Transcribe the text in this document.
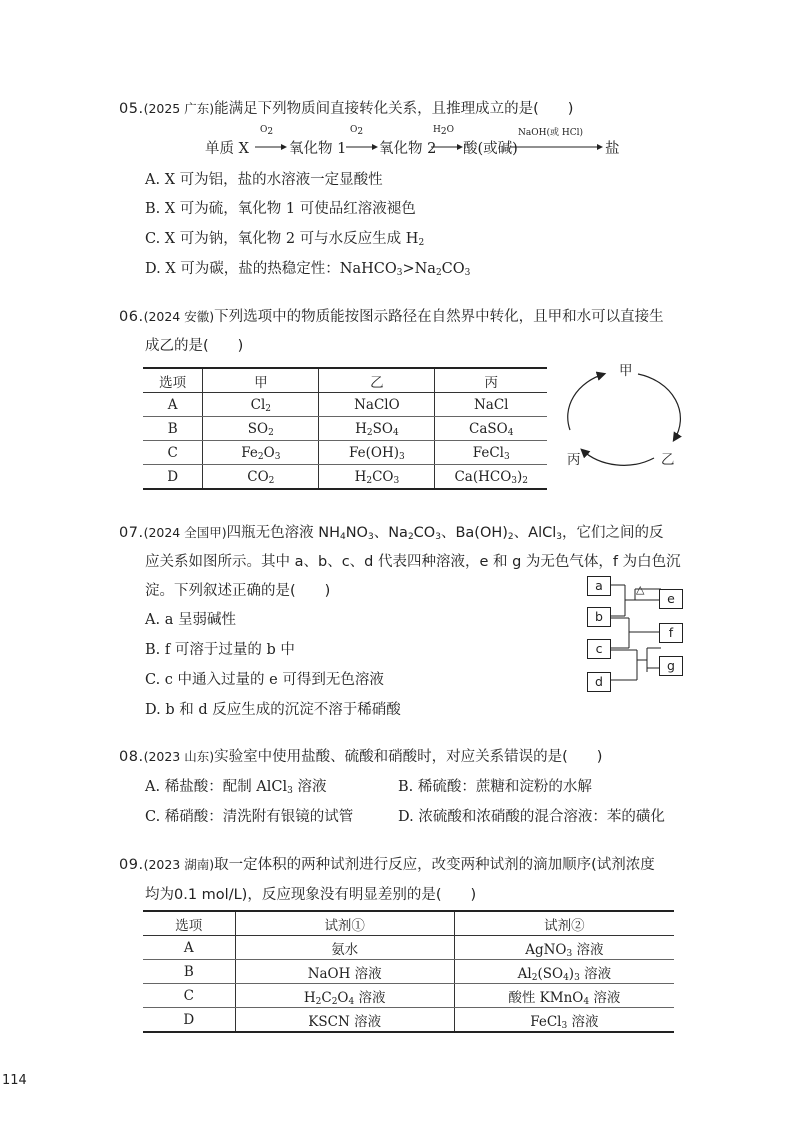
05.(2025 广东)能满足下列物质间直接转化关系，且推理成立的是(　　)
单质 X
$O_2$
氧化物 1
$O_2$
氧化物 2
$H_2O$
酸(或碱)
NaOH(或 HCl)
盐
A. X 可为铝，盐的水溶液一定显酸性
B. X 可为硫，氧化物 1 可使品红溶液褪色
C. X 可为钠，氧化物 2 可与水反应生成 $H_2$
D. X 可为碳，盐的热稳定性：$NaHCO_3>Na_2CO_3$
06.(2024 安徽)下列选项中的物质能按图示路径在自然界中转化，且甲和水可以直接生
成乙的是(　　)
选项	甲	乙	丙
A	$Cl_2$	NaClO	NaCl
B	$SO_2$	$H_2SO_4$	CaSO$_4$
C	$Fe_2O_3$	$Fe(OH)_3$	FeCl$_3$
D	$CO_2$	$H_2CO_3$	$Ca(HCO_3)_2$
甲
乙
丙
07.(2024 全国甲)四瓶无色溶液 $NH_4NO_3$、$Na_2CO_3$、$Ba(OH)_2$、AlCl$_3$，它们之间的反
应关系如图所示。其中 a、b、c、d 代表四种溶液，e 和 g 为无色气体，f 为白色沉
淀。下列叙述正确的是(　　)
A. a 呈弱碱性
B. f 可溶于过量的 b 中
C. c 中通入过量的 e 可得到无色溶液
D. b 和 d 反应生成的沉淀不溶于稀硝酸
a
b
c
d
e
f
g
△
08.(2023 山东)实验室中使用盐酸、硫酸和硝酸时，对应关系错误的是(　　)
A. 稀盐酸：配制 AlCl$_3$ 溶液	B. 稀硫酸：蔗糖和淀粉的水解
C. 稀硝酸：清洗附有银镜的试管	D. 浓硫酸和浓硝酸的混合溶液：苯的磺化
09.(2023 湖南)取一定体积的两种试剂进行反应，改变两种试剂的滴加顺序(试剂浓度
均为0.1 mol/L)，反应现象没有明显差别的是(　　)
选项	试剂①	试剂②
A	氨水	AgNO$_3$ 溶液
B	NaOH 溶液	$Al_2(SO_4)_3$ 溶液
C	$H_2C_2O_4$ 溶液	酸性 KMnO$_4$ 溶液
D	KSCN 溶液	FeCl$_3$ 溶液
114
